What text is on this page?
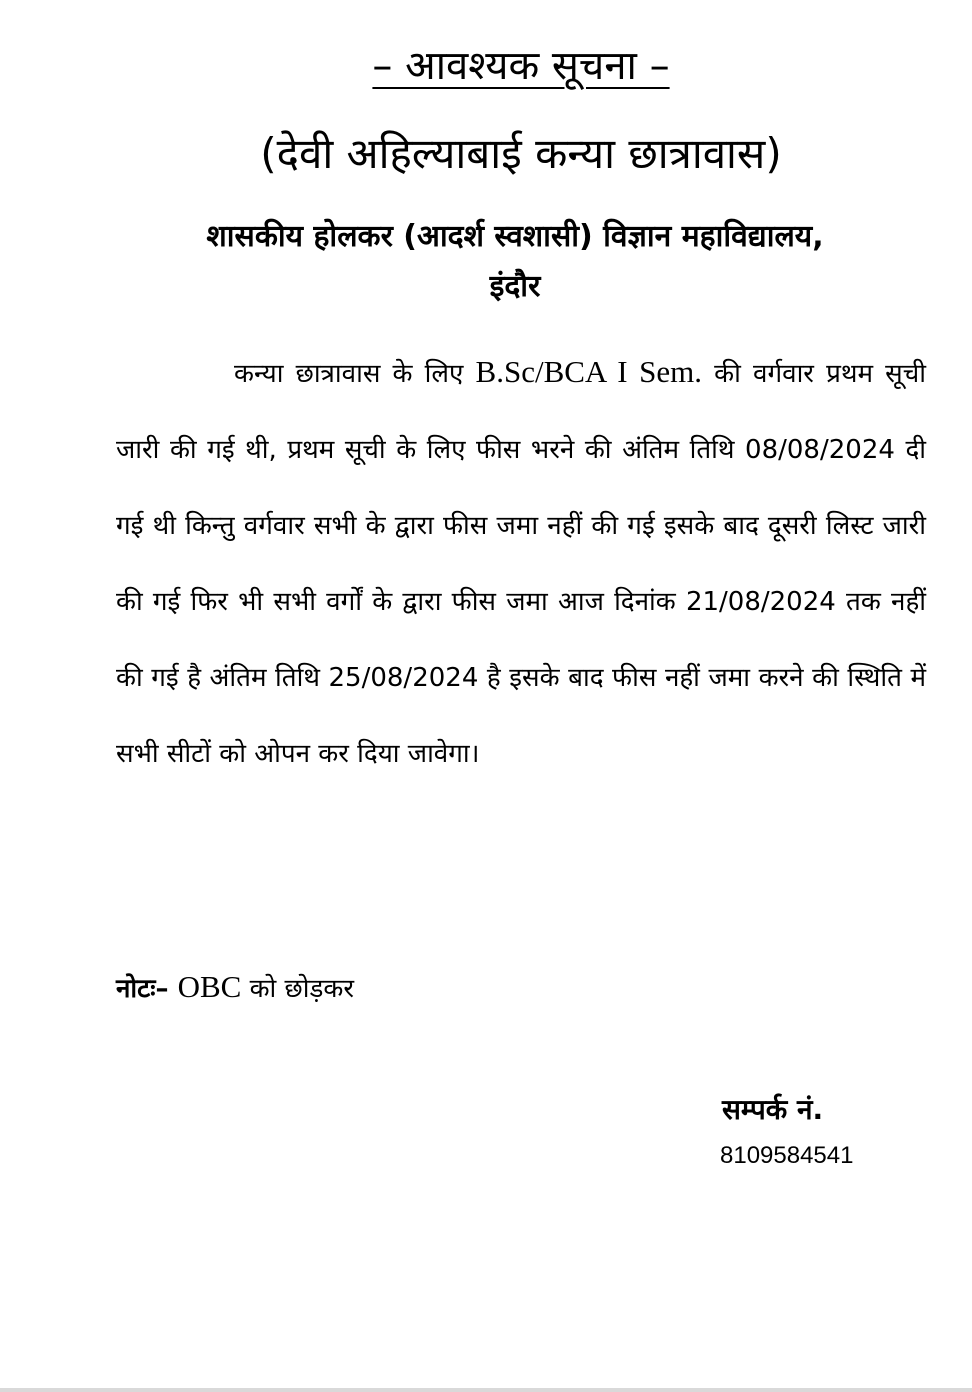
– आवश्यक सूचना –
(देवी अहिल्याबाई कन्या छात्रावास)
शासकीय होलकर (आदर्श स्वशासी) विज्ञान महाविद्यालय,
इंदौर
कन्या छात्रावास के लिए B.Sc/BCA I Sem. की वर्गवार प्रथम सूची जारी की गई थी, प्रथम सूची के लिए फीस भरने की अंतिम तिथि 08/08/2024 दी गई थी किन्तु वर्गवार सभी के द्वारा फीस जमा नहीं की गई इसके बाद दूसरी लिस्ट जारी की गई फिर भी सभी वर्गों के द्वारा फीस जमा आज दिनांक 21/08/2024 तक नहीं की गई है अंतिम तिथि 25/08/2024 है इसके बाद फीस नहीं जमा करने की स्थिति में सभी सीटों को ओपन कर दिया जावेगा।
नोटः– OBC को छोड़कर
सम्पर्क नं.
8109584541
